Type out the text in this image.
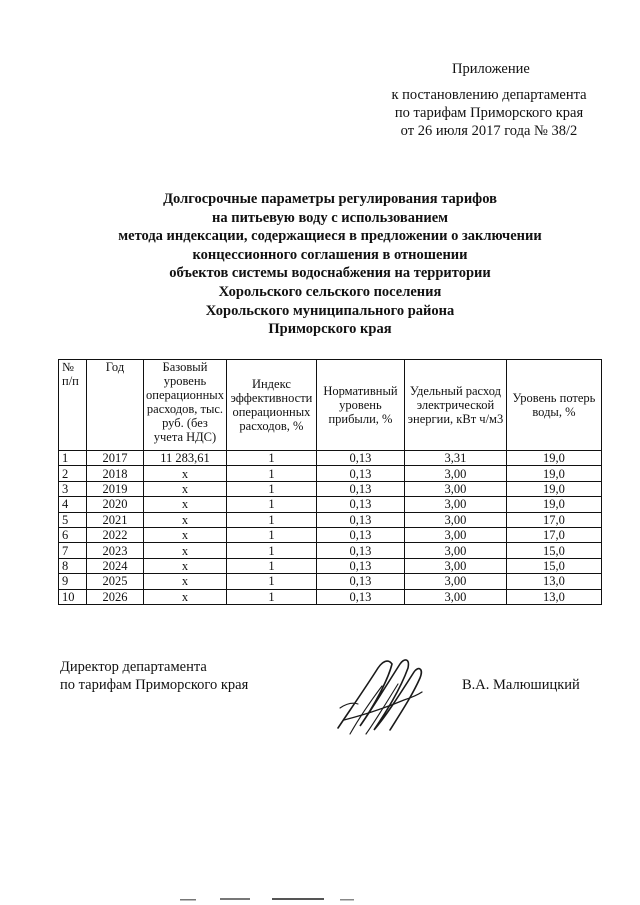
Приложение
к постановлению департамента
по тарифам Приморского края
от 26 июля 2017 года № 38/2
Долгосрочные параметры регулирования тарифов
на питьевую воду с использованием
метода индексации, содержащиеся в предложении о заключении
концессионного соглашения в отношении
объектов системы водоснабжения на территории
Хорольского сельского поселения
Хорольского муниципального района
Приморского края
№ п/п	Год	Базовый уровень операционных расходов, тыс. руб. (без учета НДС)	Индекс эффективности операционных расходов, %	Нормативный уровень прибыли, %	Удельный расход электрической энергии, кВт ч/м3	Уровень потерь воды, %
1	2017	11 283,61	1	0,13	3,31	19,0
2	2018	x	1	0,13	3,00	19,0
3	2019	x	1	0,13	3,00	19,0
4	2020	x	1	0,13	3,00	19,0
5	2021	x	1	0,13	3,00	17,0
6	2022	x	1	0,13	3,00	17,0
7	2023	x	1	0,13	3,00	15,0
8	2024	x	1	0,13	3,00	15,0
9	2025	x	1	0,13	3,00	13,0
10	2026	x	1	0,13	3,00	13,0
Директор департамента
по тарифам Приморского края	В.А. Малюшицкий
